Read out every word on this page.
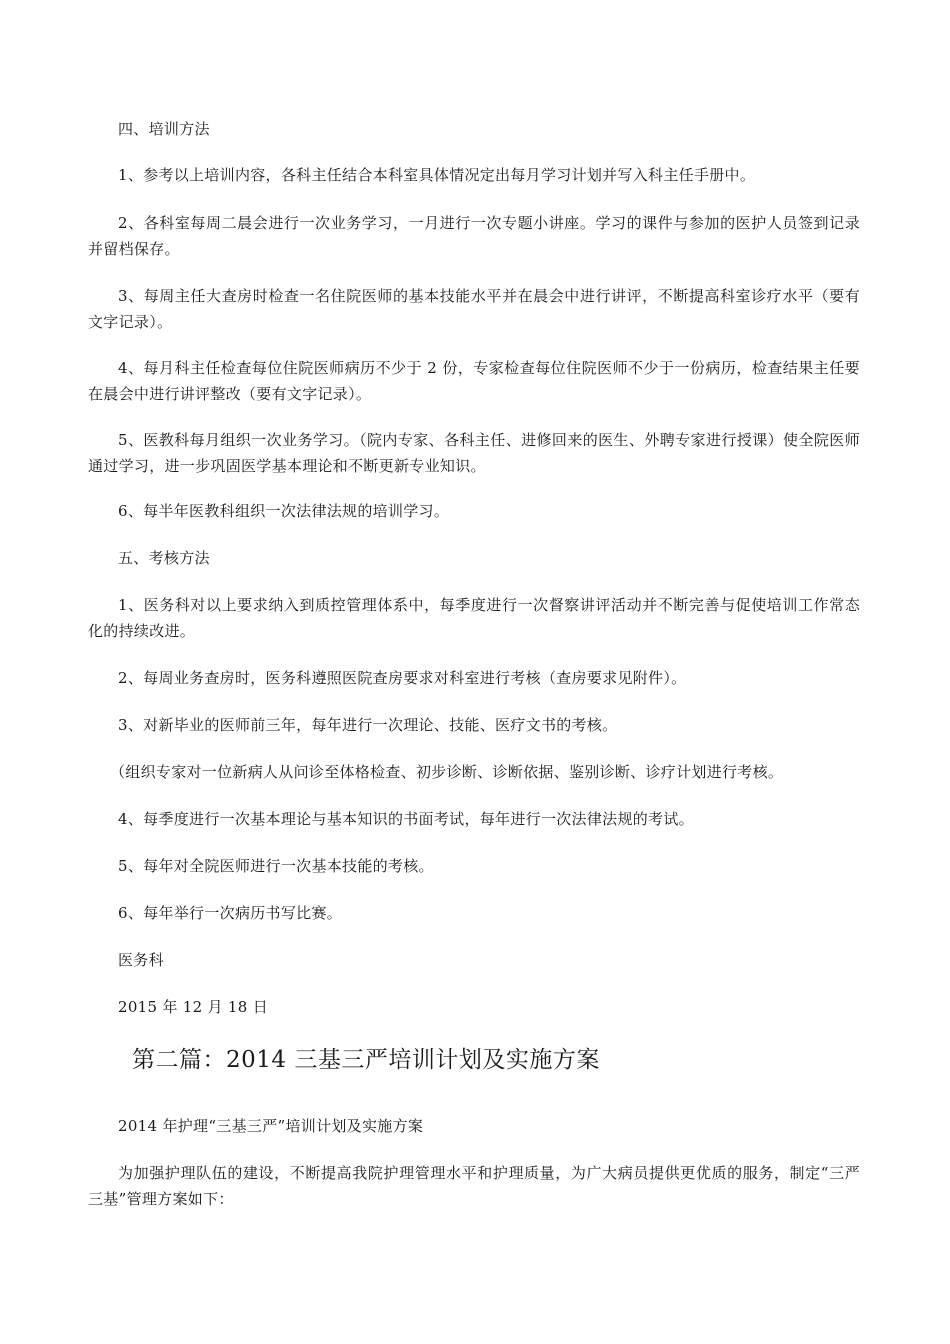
四、培训方法

1、参考以上培训内容，各科主任结合本科室具体情况定出每月学习计划并写入科主任手册中。

2、各科室每周二晨会进行一次业务学习，一月进行一次专题小讲座。学习的课件与参加的医护人员签到记录并留档保存。

3、每周主任大查房时检查一名住院医师的基本技能水平并在晨会中进行讲评，不断提高科室诊疗水平（要有文字记录）。

4、每月科主任检查每位住院医师病历不少于 2 份，专家检查每位住院医师不少于一份病历，检查结果主任要在晨会中进行讲评整改（要有文字记录）。

5、医教科每月组织一次业务学习。（院内专家、各科主任、进修回来的医生、外聘专家进行授课）使全院医师通过学习，进一步巩固医学基本理论和不断更新专业知识。

6、每半年医教科组织一次法律法规的培训学习。

五、考核方法

1、医务科对以上要求纳入到质控管理体系中，每季度进行一次督察讲评活动并不断完善与促使培训工作常态化的持续改进。

2、每周业务查房时，医务科遵照医院查房要求对科室进行考核（查房要求见附件）。

3、对新毕业的医师前三年，每年进行一次理论、技能、医疗文书的考核。

（组织专家对一位新病人从问诊至体格检查、初步诊断、诊断依据、鉴别诊断、诊疗计划进行考核。

4、每季度进行一次基本理论与基本知识的书面考试，每年进行一次法律法规的考试。

5、每年对全院医师进行一次基本技能的考核。

6、每年举行一次病历书写比赛。

医务科

2015 年 12 月 18 日

第二篇：2014 三基三严培训计划及实施方案

2014 年护理“三基三严”培训计划及实施方案

为加强护理队伍的建设，不断提高我院护理管理水平和护理质量，为广大病员提供更优质的服务，制定“三严三基”管理方案如下：
